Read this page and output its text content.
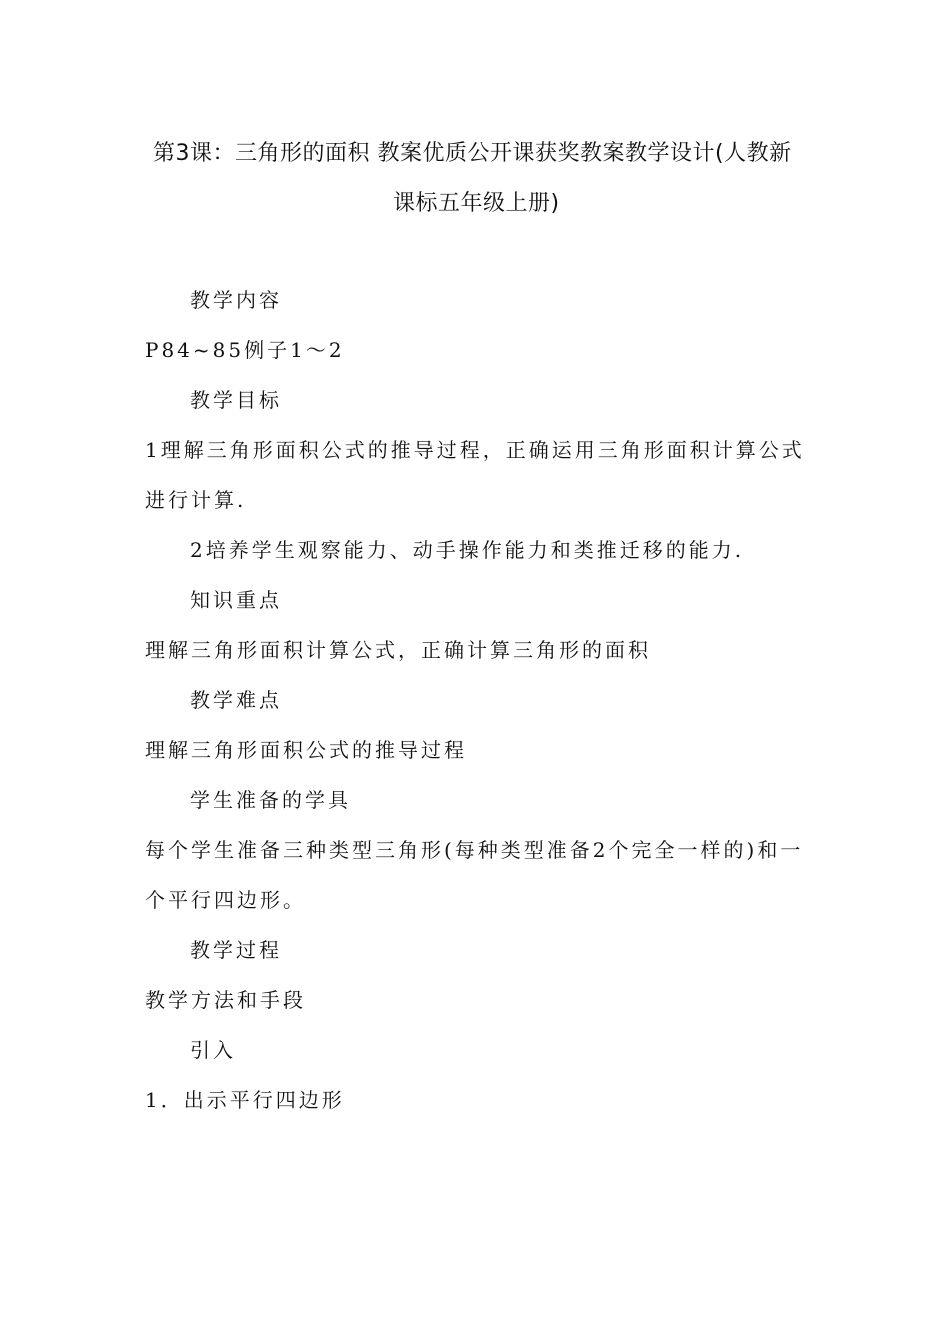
第3课：三角形的面积 教案优质公开课获奖教案教学设计(人教新
课标五年级上册)
教学内容
P84~85例子1～2
教学目标
1理解三角形面积公式的推导过程，正确运用三角形面积计算公式
进行计算.
2培养学生观察能力、动手操作能力和类推迁移的能力.
知识重点
理解三角形面积计算公式，正确计算三角形的面积
教学难点
理解三角形面积公式的推导过程
学生准备的学具
每个学生准备三种类型三角形(每种类型准备2个完全一样的)和一
个平行四边形。
教学过程
教学方法和手段
引入
1．出示平行四边形
